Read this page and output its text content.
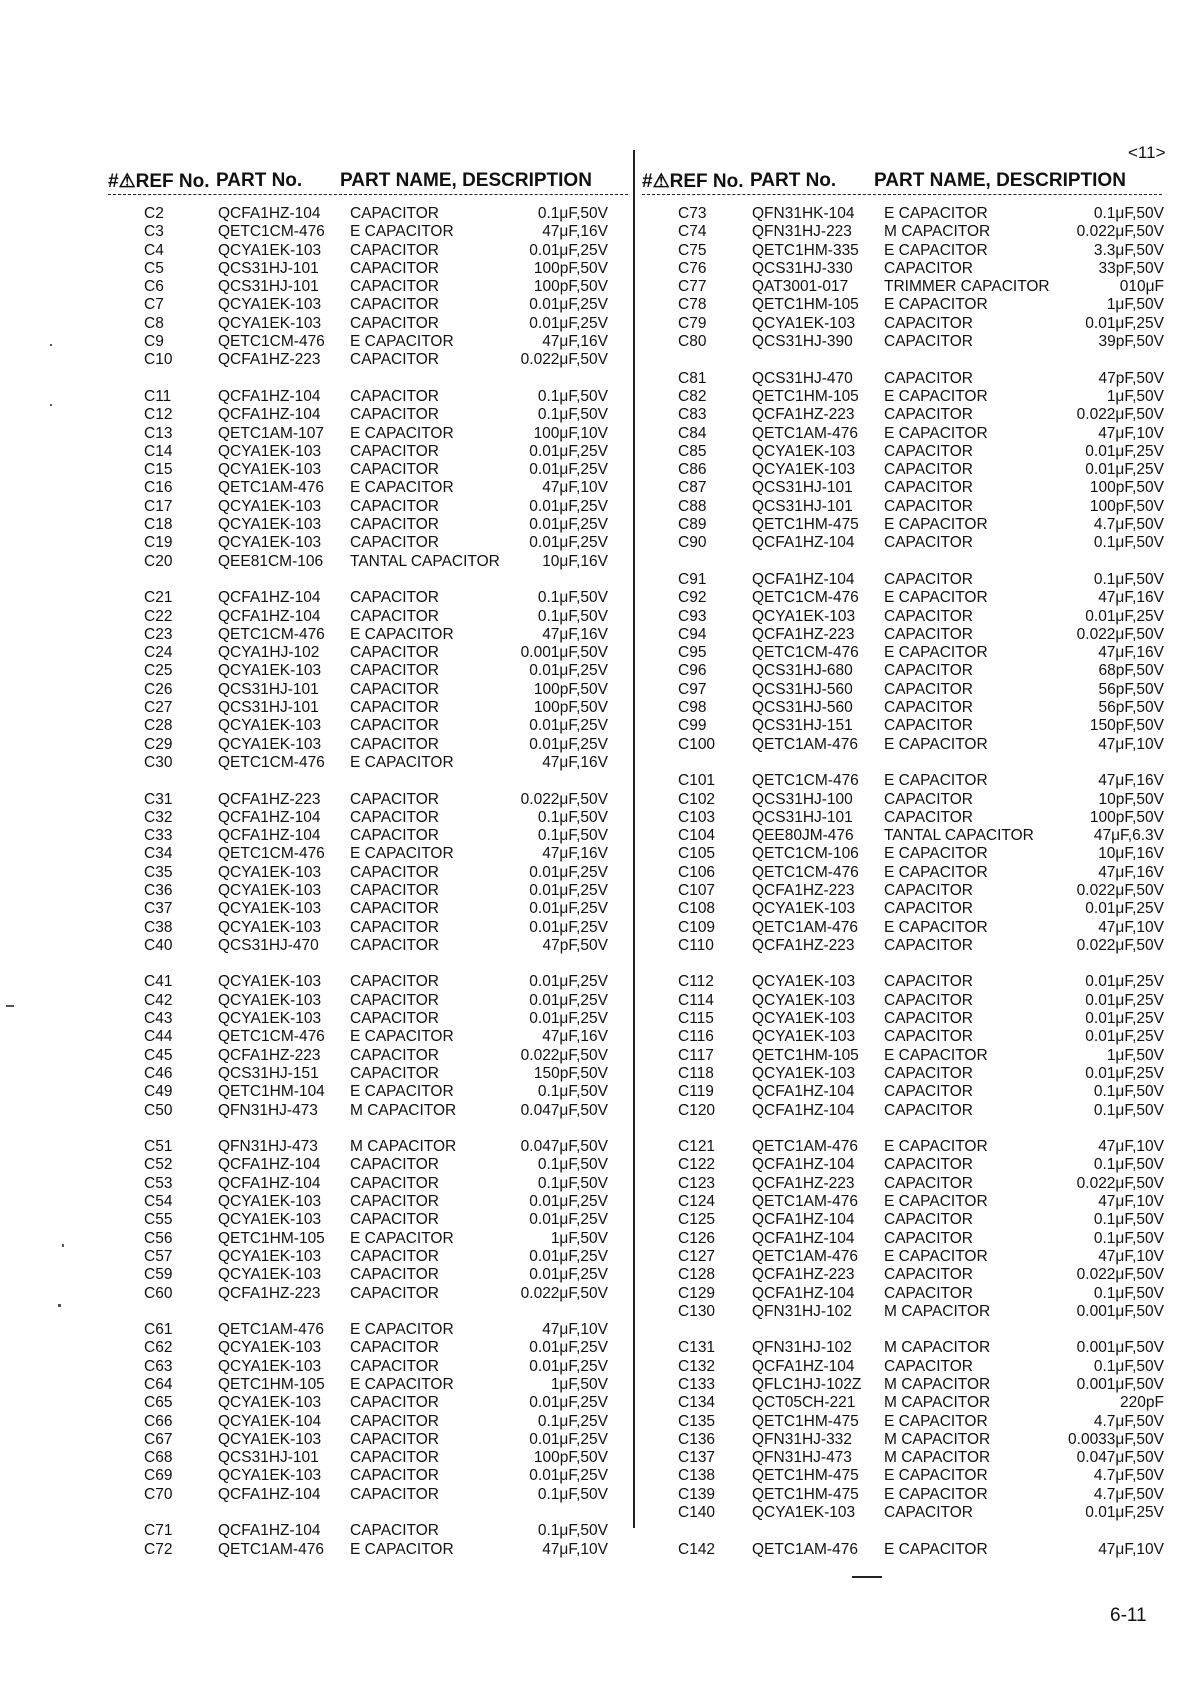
<11>
#⚠REF No. PART No. PART NAME, DESCRIPTION
C2	QCFA1HZ-104 CAPACITOR	0.1μF,50V
C3	QETC1CM-476 E CAPACITOR	47μF,16V
C4	QCYA1EK-103 CAPACITOR	0.01μF,25V
C5	QCS31HJ-101 CAPACITOR	100pF,50V
C6	QCS31HJ-101 CAPACITOR	100pF,50V
C7	QCYA1EK-103 CAPACITOR	0.01μF,25V
C8	QCYA1EK-103 CAPACITOR	0.01μF,25V
C9	QETC1CM-476 E CAPACITOR	47μF,16V
C10	QCFA1HZ-223 CAPACITOR	0.022μF,50V
C11	QCFA1HZ-104 CAPACITOR	0.1μF,50V
C12	QCFA1HZ-104 CAPACITOR	0.1μF,50V
C13	QETC1AM-107 E CAPACITOR	100μF,10V
C14	QCYA1EK-103 CAPACITOR	0.01μF,25V
C15	QCYA1EK-103 CAPACITOR	0.01μF,25V
C16	QETC1AM-476 E CAPACITOR	47μF,10V
C17	QCYA1EK-103 CAPACITOR	0.01μF,25V
C18	QCYA1EK-103 CAPACITOR	0.01μF,25V
C19	QCYA1EK-103 CAPACITOR	0.01μF,25V
C20	QEE81CM-106 TANTAL CAPACITOR	10μF,16V
C21	QCFA1HZ-104 CAPACITOR	0.1μF,50V
C22	QCFA1HZ-104 CAPACITOR	0.1μF,50V
C23	QETC1CM-476 E CAPACITOR	47μF,16V
C24	QCYA1HJ-102 CAPACITOR	0.001μF,50V
C25	QCYA1EK-103 CAPACITOR	0.01μF,25V
C26	QCS31HJ-101 CAPACITOR	100pF,50V
C27	QCS31HJ-101 CAPACITOR	100pF,50V
C28	QCYA1EK-103 CAPACITOR	0.01μF,25V
C29	QCYA1EK-103 CAPACITOR	0.01μF,25V
C30	QETC1CM-476 E CAPACITOR	47μF,16V
C31	QCFA1HZ-223 CAPACITOR	0.022μF,50V
C32	QCFA1HZ-104 CAPACITOR	0.1μF,50V
C33	QCFA1HZ-104 CAPACITOR	0.1μF,50V
C34	QETC1CM-476 E CAPACITOR	47μF,16V
C35	QCYA1EK-103 CAPACITOR	0.01μF,25V
C36	QCYA1EK-103 CAPACITOR	0.01μF,25V
C37	QCYA1EK-103 CAPACITOR	0.01μF,25V
C38	QCYA1EK-103 CAPACITOR	0.01μF,25V
C40	QCS31HJ-470 CAPACITOR	47pF,50V
C41	QCYA1EK-103 CAPACITOR	0.01μF,25V
C42	QCYA1EK-103 CAPACITOR	0.01μF,25V
C43	QCYA1EK-103 CAPACITOR	0.01μF,25V
C44	QETC1CM-476 E CAPACITOR	47μF,16V
C45	QCFA1HZ-223 CAPACITOR	0.022μF,50V
C46	QCS31HJ-151 CAPACITOR	150pF,50V
C49	QETC1HM-104 E CAPACITOR	0.1μF,50V
C50	QFN31HJ-473 M CAPACITOR	0.047μF,50V
C51	QFN31HJ-473 M CAPACITOR	0.047μF,50V
C52	QCFA1HZ-104 CAPACITOR	0.1μF,50V
C53	QCFA1HZ-104 CAPACITOR	0.1μF,50V
C54	QCYA1EK-103 CAPACITOR	0.01μF,25V
C55	QCYA1EK-103 CAPACITOR	0.01μF,25V
C56	QETC1HM-105 E CAPACITOR	1μF,50V
C57	QCYA1EK-103 CAPACITOR	0.01μF,25V
C59	QCYA1EK-103 CAPACITOR	0.01μF,25V
C60	QCFA1HZ-223 CAPACITOR	0.022μF,50V
C61	QETC1AM-476 E CAPACITOR	47μF,10V
C62	QCYA1EK-103 CAPACITOR	0.01μF,25V
C63	QCYA1EK-103 CAPACITOR	0.01μF,25V
C64	QETC1HM-105 E CAPACITOR	1μF,50V
C65	QCYA1EK-103 CAPACITOR	0.01μF,25V
C66	QCYA1EK-104 CAPACITOR	0.1μF,25V
C67	QCYA1EK-103 CAPACITOR	0.01μF,25V
C68	QCS31HJ-101 CAPACITOR	100pF,50V
C69	QCYA1EK-103 CAPACITOR	0.01μF,25V
C70	QCFA1HZ-104 CAPACITOR	0.1μF,50V
C71	QCFA1HZ-104 CAPACITOR	0.1μF,50V
C72	QETC1AM-476 E CAPACITOR	47μF,10V
#⚠REF No. PART No. PART NAME, DESCRIPTION
C73	QFN31HK-104 E CAPACITOR	0.1μF,50V
C74	QFN31HJ-223 M CAPACITOR	0.022μF,50V
C75	QETC1HM-335 E CAPACITOR	3.3μF,50V
C76	QCS31HJ-330 CAPACITOR	33pF,50V
C77	QAT3001-017 TRIMMER CAPACITOR	010μF
C78	QETC1HM-105 E CAPACITOR	1μF,50V
C79	QCYA1EK-103 CAPACITOR	0.01μF,25V
C80	QCS31HJ-390 CAPACITOR	39pF,50V
C81	QCS31HJ-470 CAPACITOR	47pF,50V
C82	QETC1HM-105 E CAPACITOR	1μF,50V
C83	QCFA1HZ-223 CAPACITOR	0.022μF,50V
C84	QETC1AM-476 E CAPACITOR	47μF,10V
C85	QCYA1EK-103 CAPACITOR	0.01μF,25V
C86	QCYA1EK-103 CAPACITOR	0.01μF,25V
C87	QCS31HJ-101 CAPACITOR	100pF,50V
C88	QCS31HJ-101 CAPACITOR	100pF,50V
C89	QETC1HM-475 E CAPACITOR	4.7μF,50V
C90	QCFA1HZ-104 CAPACITOR	0.1μF,50V
C91	QCFA1HZ-104 CAPACITOR	0.1μF,50V
C92	QETC1CM-476 E CAPACITOR	47μF,16V
C93	QCYA1EK-103 CAPACITOR	0.01μF,25V
C94	QCFA1HZ-223 CAPACITOR	0.022μF,50V
C95	QETC1CM-476 E CAPACITOR	47μF,16V
C96	QCS31HJ-680 CAPACITOR	68pF,50V
C97	QCS31HJ-560 CAPACITOR	56pF,50V
C98	QCS31HJ-560 CAPACITOR	56pF,50V
C99	QCS31HJ-151 CAPACITOR	150pF,50V
C100 QETC1AM-476 E CAPACITOR	47μF,10V
C101 QETC1CM-476 E CAPACITOR	47μF,16V
C102 QCS31HJ-100 CAPACITOR	10pF,50V
C103 QCS31HJ-101 CAPACITOR	100pF,50V
C104 QEE80JM-476 TANTAL CAPACITOR	47μF,6.3V
C105 QETC1CM-106 E CAPACITOR	10μF,16V
C106 QETC1CM-476 E CAPACITOR	47μF,16V
C107 QCFA1HZ-223 CAPACITOR	0.022μF,50V
C108 QCYA1EK-103 CAPACITOR	0.01μF,25V
C109 QETC1AM-476 E CAPACITOR	47μF,10V
C110 QCFA1HZ-223 CAPACITOR	0.022μF,50V
C112 QCYA1EK-103 CAPACITOR	0.01μF,25V
C114 QCYA1EK-103 CAPACITOR	0.01μF,25V
C115 QCYA1EK-103 CAPACITOR	0.01μF,25V
C116 QCYA1EK-103 CAPACITOR	0.01μF,25V
C117 QETC1HM-105 E CAPACITOR	1μF,50V
C118 QCYA1EK-103 CAPACITOR	0.01μF,25V
C119 QCFA1HZ-104 CAPACITOR	0.1μF,50V
C120 QCFA1HZ-104 CAPACITOR	0.1μF,50V
C121 QETC1AM-476 E CAPACITOR	47μF,10V
C122 QCFA1HZ-104 CAPACITOR	0.1μF,50V
C123 QCFA1HZ-223 CAPACITOR	0.022μF,50V
C124 QETC1AM-476 E CAPACITOR	47μF,10V
C125 QCFA1HZ-104 CAPACITOR	0.1μF,50V
C126 QCFA1HZ-104 CAPACITOR	0.1μF,50V
C127 QETC1AM-476 E CAPACITOR	47μF,10V
C128 QCFA1HZ-223 CAPACITOR	0.022μF,50V
C129 QCFA1HZ-104 CAPACITOR	0.1μF,50V
C130 QFN31HJ-102 M CAPACITOR	0.001μF,50V
C131 QFN31HJ-102 M CAPACITOR	0.001μF,50V
C132 QCFA1HZ-104 CAPACITOR	0.1μF,50V
C133 QFLC1HJ-102Z M CAPACITOR	0.001μF,50V
C134 QCT05CH-221 M CAPACITOR	220pF
C135 QETC1HM-475 E CAPACITOR	4.7μF,50V
C136 QFN31HJ-332 M CAPACITOR	0.0033μF,50V
C137 QFN31HJ-473 M CAPACITOR	0.047μF,50V
C138 QETC1HM-475 E CAPACITOR	4.7μF,50V
C139 QETC1HM-475 E CAPACITOR	4.7μF,50V
C140 QCYA1EK-103 CAPACITOR	0.01μF,25V
C142 QETC1AM-476 E CAPACITOR	47μF,10V
6-11
